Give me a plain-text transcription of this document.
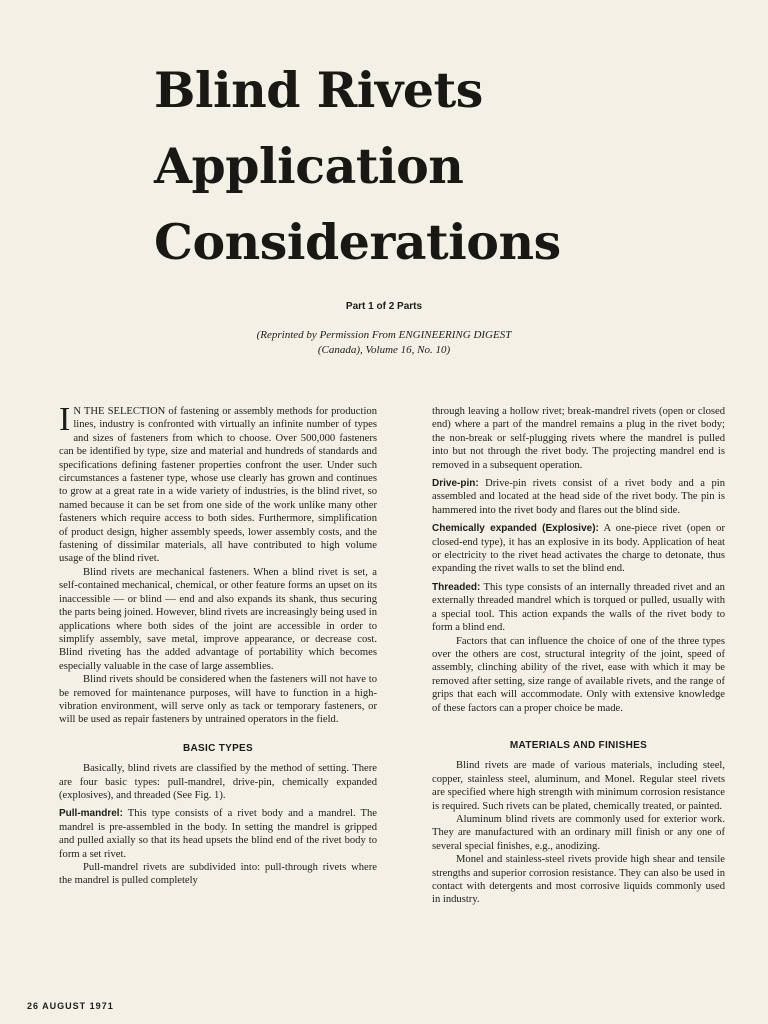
Blind Rivets
Application
Considerations
Part 1 of 2 Parts
(Reprinted by Permission From ENGINEERING DIGEST
(Canada), Volume 16, No. 10)

I N THE SELECTION of fastening or assembly methods for production lines, industry is confronted with virtually an infinite number of types and sizes of fasteners from which to choose. Over 500,000 fasteners can be identified by type, size and material and hundreds of standards and specifications defining fastener properties confront the user. Under such circumstances a fastener type, whose use clearly has grown and continues to grow at a great rate in a wide variety of industries, is the blind rivet, so named because it can be set from one side of the work unlike many other fasteners which require access to both sides. Furthermore, simplification of product design, higher assembly speeds, lower assembly costs, and the fastening of dissimilar materials, all have contributed to high volume usage of the blind rivet.

Blind rivets are mechanical fasteners. When a blind rivet is set, a self-contained mechanical, chemical, or other feature forms an upset on its inaccessible — or blind — end and also expands its shank, thus securing the parts being joined. However, blind rivets are increasingly being used in applications where both sides of the joint are accessible in order to simplify assembly, save metal, improve appearance, or decrease cost. Blind riveting has the added advantage of portability which becomes especially valuable in the case of large assemblies.

Blind rivets should be considered when the fasteners will not have to be removed for maintenance purposes, will have to function in a high-vibration environment, will serve only as tack or temporary fasteners, or will be used as repair fasteners by untrained operators in the field.

BASIC TYPES

Basically, blind rivets are classified by the method of setting. There are four basic types: pull-mandrel, drive-pin, chemically expanded (explosives), and threaded (See Fig. 1).

Pull-mandrel: This type consists of a rivet body and a mandrel. The mandrel is pre-assembled in the body. In setting the mandrel is gripped and pulled axially so that its head upsets the blind end of the rivet body to form a set rivet.

Pull-mandrel rivets are subdivided into: pull-through rivets where the mandrel is pulled completely

through leaving a hollow rivet; break-mandrel rivets (open or closed end) where a part of the mandrel remains a plug in the rivet body; the non-break or self-plugging rivets where the mandrel is pulled into but not through the rivet body. The projecting mandrel end is removed in a subsequent operation.

Drive-pin: Drive-pin rivets consist of a rivet body and a pin assembled and located at the head side of the rivet body. The pin is hammered into the rivet body and flares out the blind side.

Chemically expanded (Explosive): A one-piece rivet (open or closed-end type), it has an explosive in its body. Application of heat or electricity to the rivet head activates the charge to detonate, thus expanding the rivet walls to set the blind end.

Threaded: This type consists of an internally threaded rivet and an externally threaded mandrel which is torqued or pulled, usually with a special tool. This action expands the walls of the rivet body to form a blind end.

Factors that can influence the choice of one of the three types over the others are cost, structural integrity of the joint, speed of assembly, clinching ability of the rivet, ease with which it may be removed after setting, size range of available rivets, and the range of grips that each will accommodate. Only with extensive knowledge of these factors can a proper choice be made.

MATERIALS AND FINISHES

Blind rivets are made of various materials, including steel, copper, stainless steel, aluminum, and Monel. Regular steel rivets are specified where high strength with minimum corrosion resistance is required. Such rivets can be plated, chemically treated, or painted.

Aluminum blind rivets are commonly used for exterior work. They are manufactured with an ordinary mill finish or any one of several special finishes, e.g., anodizing.

Monel and stainless-steel rivets provide high shear and tensile strengths and superior corrosion resistance. They can also be used in contact with detergents and most corrosive liquids commonly used in industry.

26 AUGUST 1971
